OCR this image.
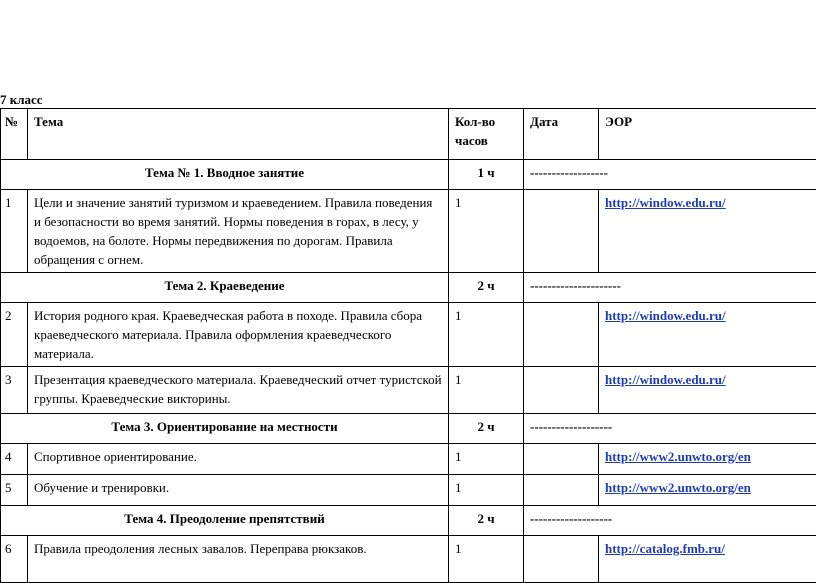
7 класс
№	Тема	Кол-во часов	Дата	ЭОР
Тема № 1. Вводное занятие		1 ч	------------------	
1	Цели и значение занятий туризмом и краеведением. Правила поведения и безопасности во время занятий. Нормы поведения в горах, в лесу, у водоемов, на болоте. Нормы передвижения по дорогам. Правила обращения с огнем.	1		http://window.edu.ru/
Тема 2. Краеведение		2 ч	---------------------	
2	История родного края. Краеведческая работа в походе. Правила сбора краеведческого материала. Правила оформления краеведческого материала.	1		http://window.edu.ru/
3	Презентация краеведческого материала. Краеведческий отчет туристской группы. Краеведческие викторины.	1		http://window.edu.ru/
Тема 3. Ориентирование на местности		2 ч	-------------------	
4	Спортивное ориентирование.	1		http://www2.unwto.org/en
5	Обучение и тренировки.	1		http://www2.unwto.org/en
Тема 4. Преодоление препятствий		2 ч	-------------------	
6	Правила преодоления лесных завалов. Переправа рюкзаков.	1		http://catalog.fmb.ru/
